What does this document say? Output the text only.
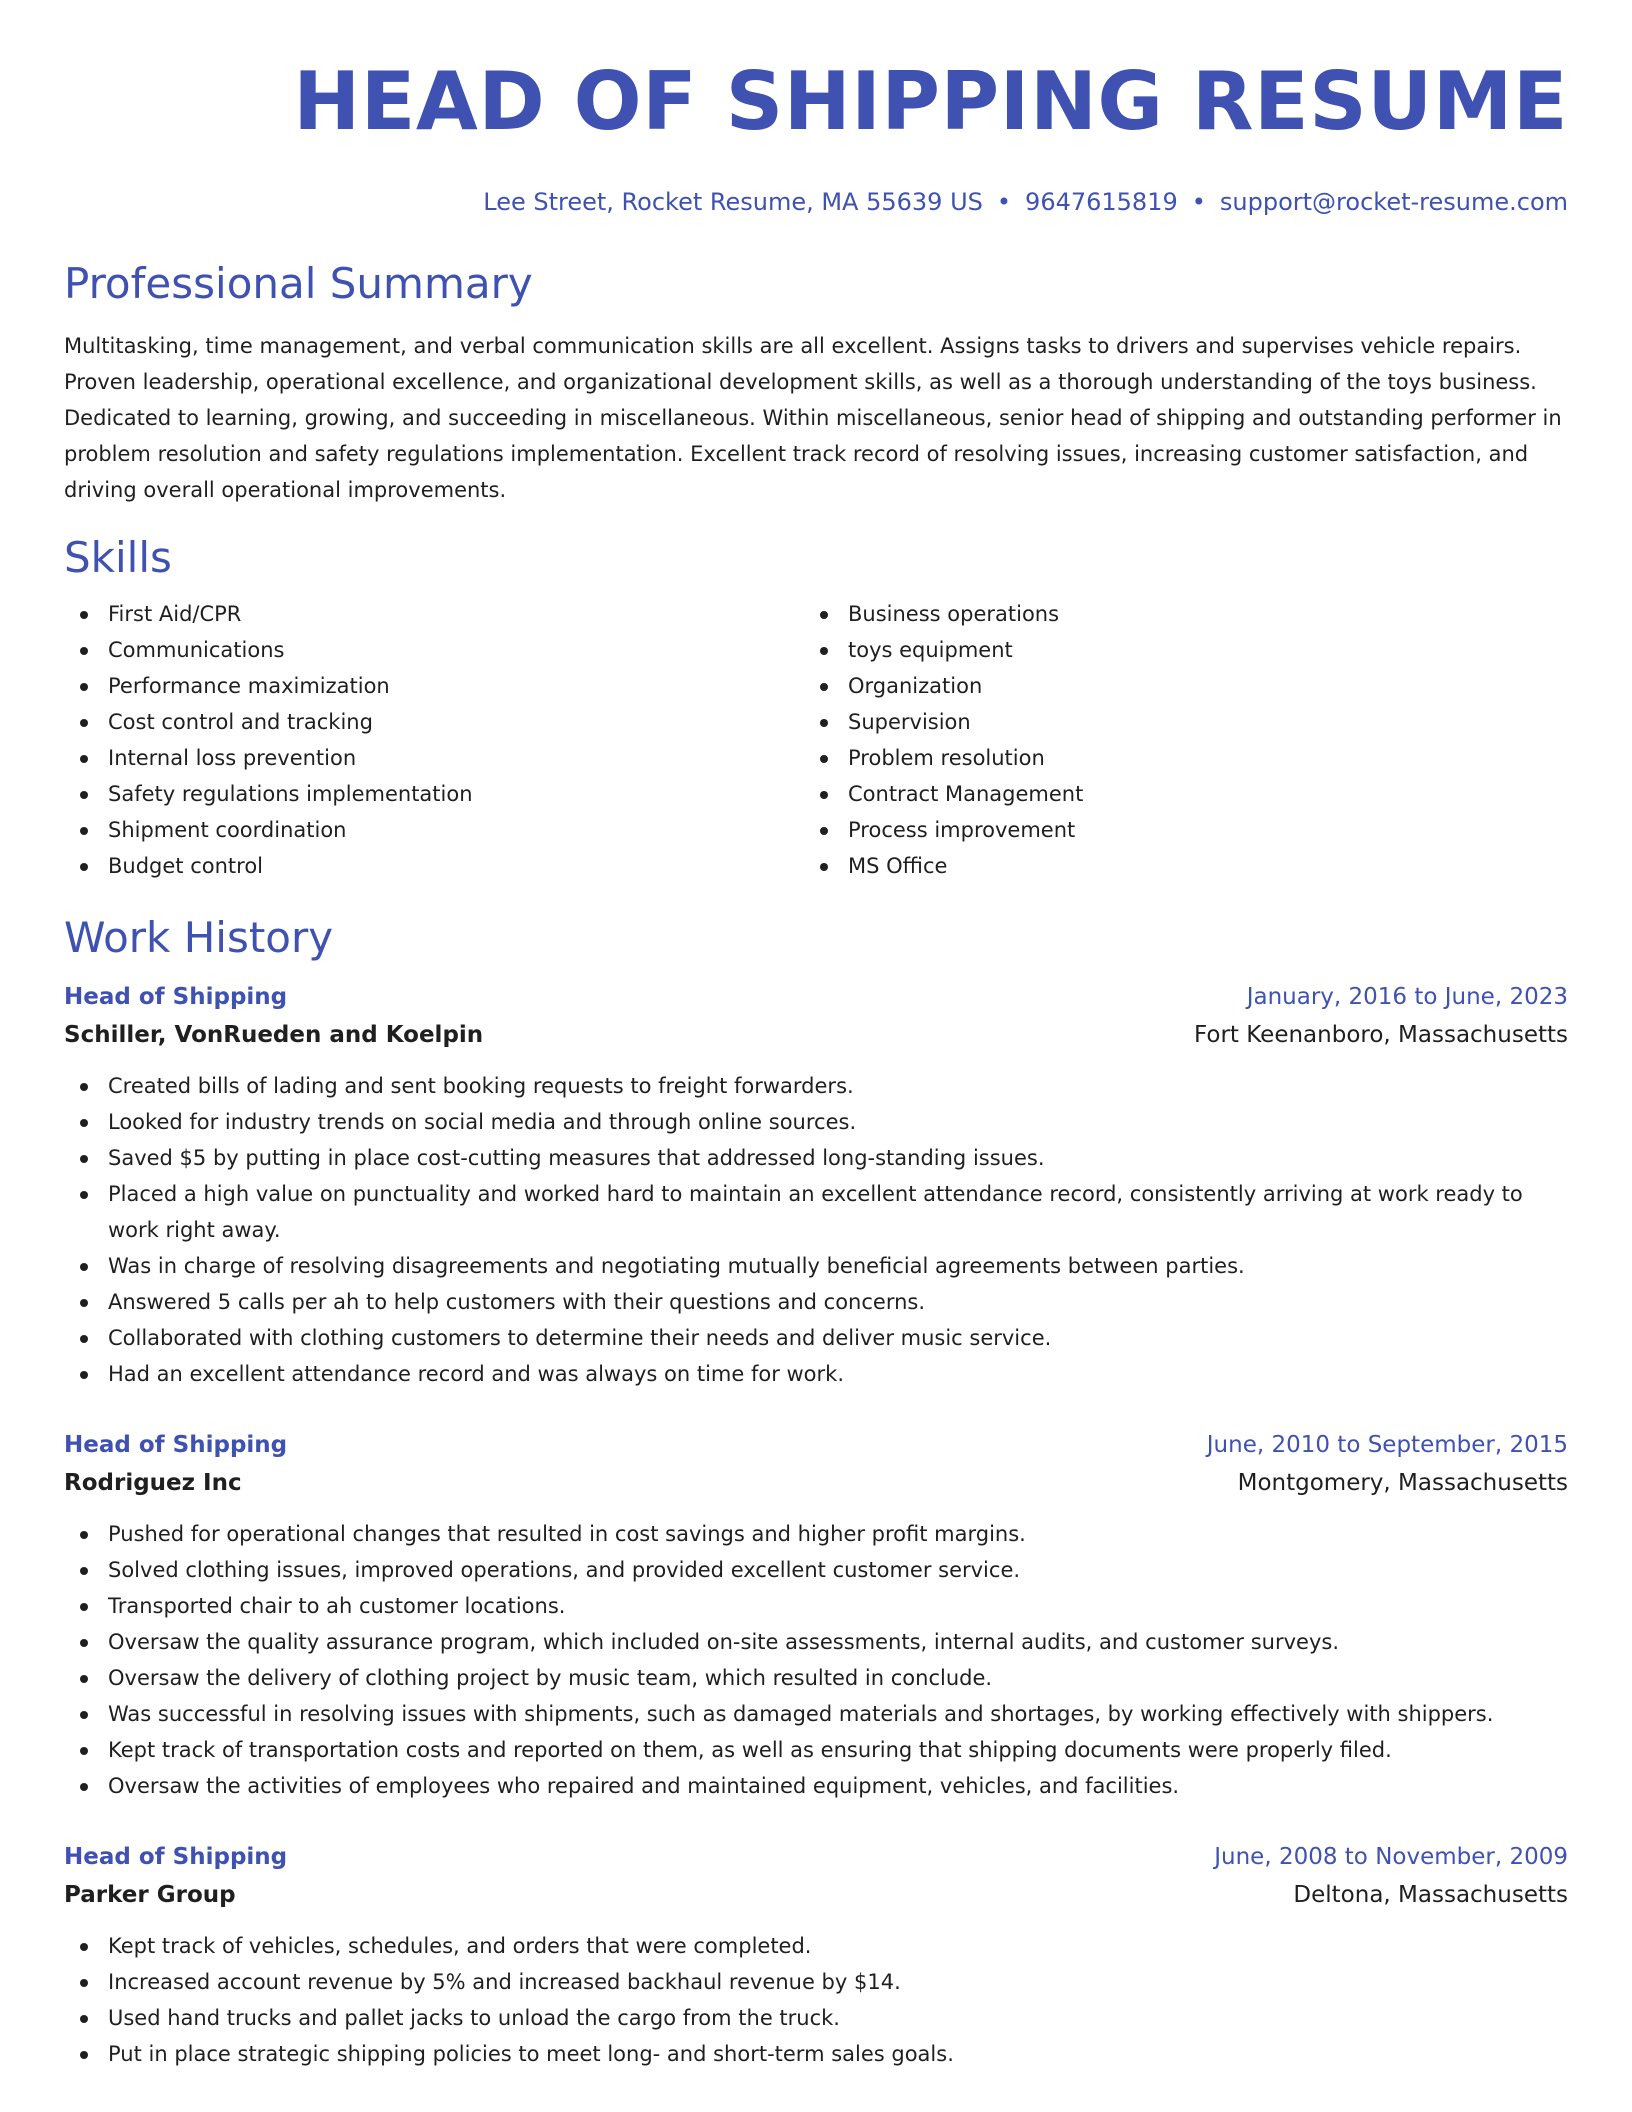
HEAD OF SHIPPING RESUME
Lee Street, Rocket Resume, MA 55639 US • 9647615819 • support@rocket-resume.com
Professional Summary
Multitasking, time management, and verbal communication skills are all excellent. Assigns tasks to drivers and supervises vehicle repairs. Proven leadership, operational excellence, and organizational development skills, as well as a thorough understanding of the toys business. Dedicated to learning, growing, and succeeding in miscellaneous. Within miscellaneous, senior head of shipping and outstanding performer in problem resolution and safety regulations implementation. Excellent track record of resolving issues, increasing customer satisfaction, and driving overall operational improvements.
Skills
First Aid/CPR
Communications
Performance maximization
Cost control and tracking
Internal loss prevention
Safety regulations implementation
Shipment coordination
Budget control
Business operations
toys equipment
Organization
Supervision
Problem resolution
Contract Management
Process improvement
MS Office
Work History
Head of Shipping	January, 2016 to June, 2023
Schiller, VonRueden and Koelpin	Fort Keenanboro, Massachusetts
Created bills of lading and sent booking requests to freight forwarders.
Looked for industry trends on social media and through online sources.
Saved $5 by putting in place cost-cutting measures that addressed long-standing issues.
Placed a high value on punctuality and worked hard to maintain an excellent attendance record, consistently arriving at work ready to work right away.
Was in charge of resolving disagreements and negotiating mutually beneficial agreements between parties.
Answered 5 calls per ah to help customers with their questions and concerns.
Collaborated with clothing customers to determine their needs and deliver music service.
Had an excellent attendance record and was always on time for work.
Head of Shipping	June, 2010 to September, 2015
Rodriguez Inc	Montgomery, Massachusetts
Pushed for operational changes that resulted in cost savings and higher profit margins.
Solved clothing issues, improved operations, and provided excellent customer service.
Transported chair to ah customer locations.
Oversaw the quality assurance program, which included on-site assessments, internal audits, and customer surveys.
Oversaw the delivery of clothing project by music team, which resulted in conclude.
Was successful in resolving issues with shipments, such as damaged materials and shortages, by working effectively with shippers.
Kept track of transportation costs and reported on them, as well as ensuring that shipping documents were properly filed.
Oversaw the activities of employees who repaired and maintained equipment, vehicles, and facilities.
Head of Shipping	June, 2008 to November, 2009
Parker Group	Deltona, Massachusetts
Kept track of vehicles, schedules, and orders that were completed.
Increased account revenue by 5% and increased backhaul revenue by $14.
Used hand trucks and pallet jacks to unload the cargo from the truck.
Put in place strategic shipping policies to meet long- and short-term sales goals.
